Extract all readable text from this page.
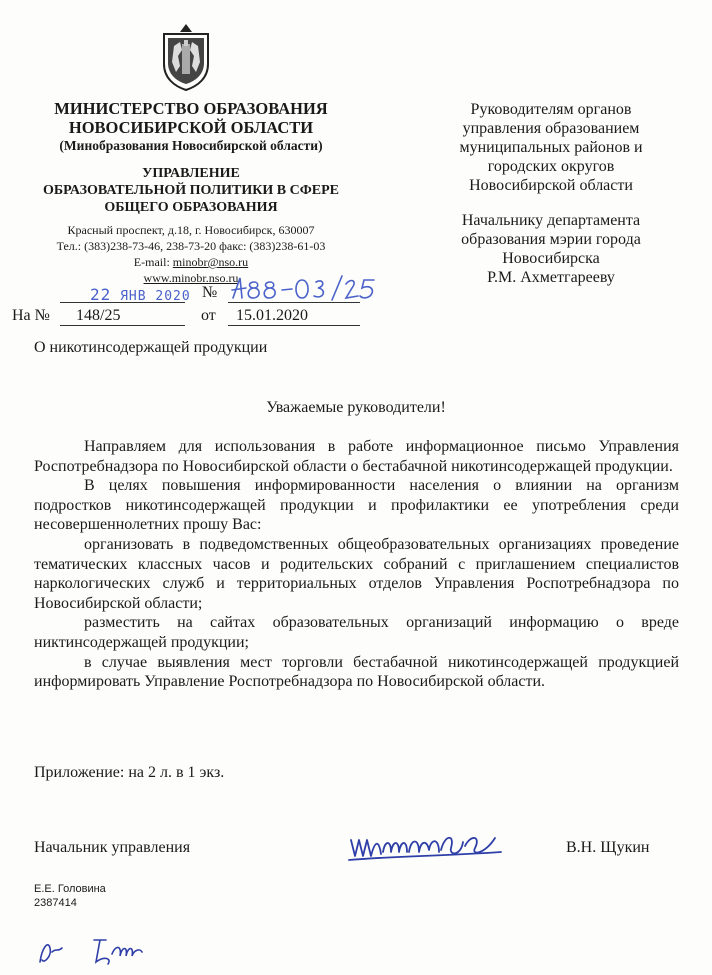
МИНИСТЕРСТВО ОБРАЗОВАНИЯ
НОВОСИБИРСКОЙ ОБЛАСТИ
(Минобразования Новосибирской области)
УПРАВЛЕНИЕ
ОБРАЗОВАТЕЛЬНОЙ ПОЛИТИКИ В СФЕРЕ
ОБЩЕГО ОБРАЗОВАНИЯ
Красный проспект, д.18, г. Новосибирск, 630007
Тел.: (383)238-73-46, 238-73-20 факс: (383)238-61-03
E-mail: minobr@nso.ru
www.minobr.nso.ru
22 ЯНВ 2020 №
На № 148/25	от 15.01.2020
Руководителям органов
управления образованием
муниципальных районов и
городских округов
Новосибирской области
Начальнику департамента
образования мэрии города
Новосибирска
Р.М. Ахметгарееву
О никотинсодержащей продукции
Уважаемые руководители!

Направляем для использования в работе информационное письмо Управления Роспотребнадзора по Новосибирской области о бестабачной никотинсодержащей продукции.

В целях повышения информированности населения о влиянии на организм подростков никотинсодержащей продукции и профилактики ее употребления среди несовершеннолетних прошу Вас:

организовать в подведомственных общеобразовательных организациях проведение тематических классных часов и родительских собраний с приглашением специалистов наркологических служб и территориальных отделов Управления Роспотребнадзора по Новосибирской области;

разместить на сайтах образовательных организаций информацию о вреде никтинсодержащей продукции;

в случае выявления мест торговли бестабачной никотинсодержащей продукцией информировать Управление Роспотребнадзора по Новосибирской области.

Приложение: на 2 л. в 1 экз.
Начальник управления	В.Н. Щукин
Е.Е. Головина
2387414
